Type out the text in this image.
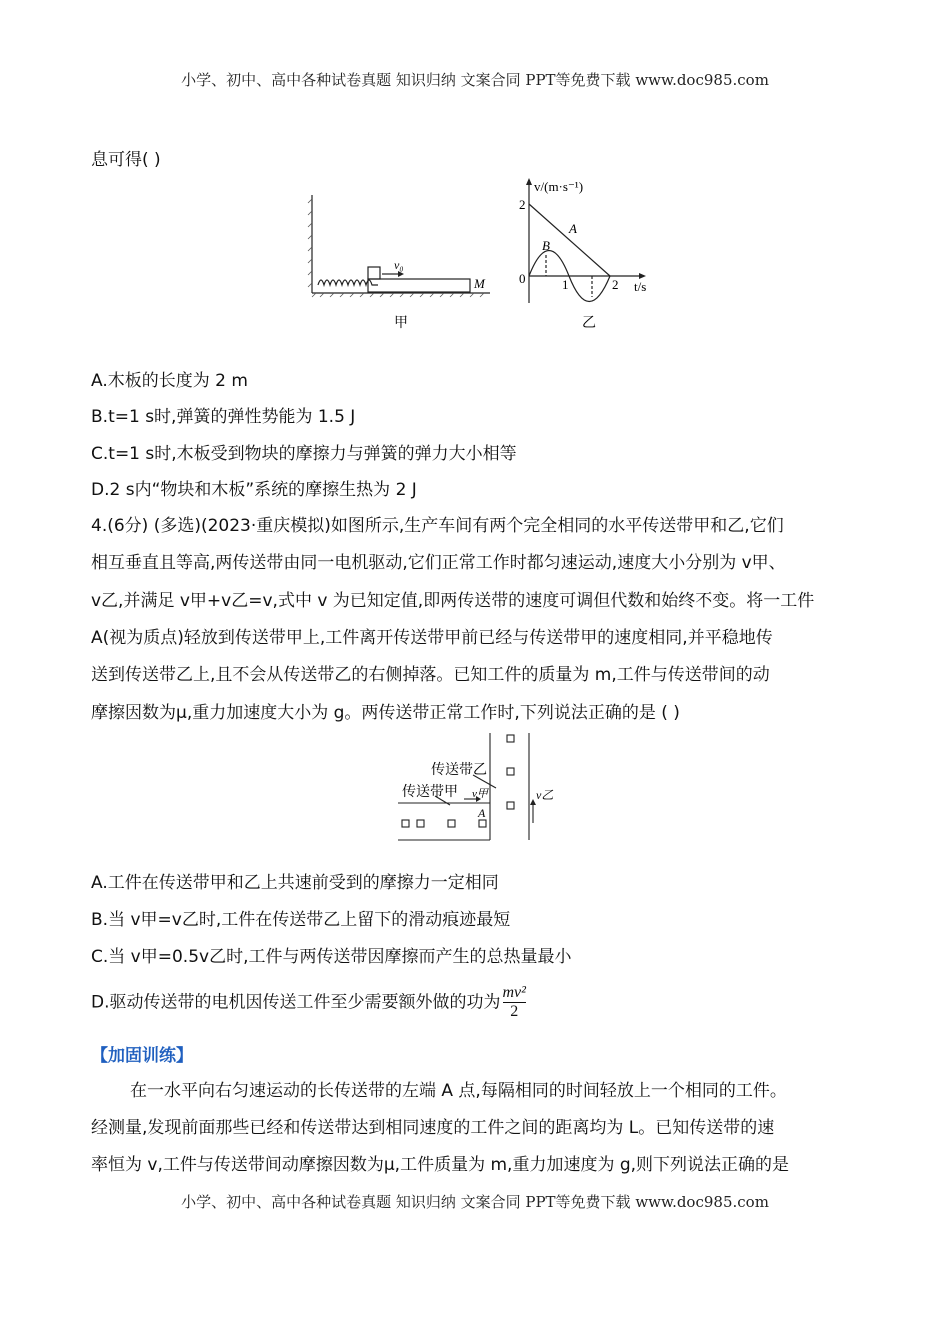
小学、初中、高中各种试卷真题 知识归纳 文案合同 PPT等免费下载 www.doc985.com
息可得( )
v₀
M
v/(m·s⁻¹)
2
0	1	2 t/s
A
B
甲	乙
A.木板的长度为 2 m
B.t=1 s时,弹簧的弹性势能为 1.5 J
C.t=1 s时,木板受到物块的摩擦力与弹簧的弹力大小相等
D.2 s内“物块和木板”系统的摩擦生热为 2 J
4.(6分) (多选)(2023·重庆模拟)如图所示,生产车间有两个完全相同的水平传送带甲和乙,它们
相互垂直且等高,两传送带由同一电机驱动,它们正常工作时都匀速运动,速度大小分别为 v甲、
v乙,并满足 v甲+v乙=v,式中 v 为已知定值,即两传送带的速度可调但代数和始终不变。将一工件
A(视为质点)轻放到传送带甲上,工件离开传送带甲前已经与传送带甲的速度相同,并平稳地传
送到传送带乙上,且不会从传送带乙的右侧掉落。已知工件的质量为 m,工件与传送带间的动
摩擦因数为μ,重力加速度大小为 g。两传送带正常工作时,下列说法正确的是 ( )
传送带乙
传送带甲 v甲	v乙
A
A.工件在传送带甲和乙上共速前受到的摩擦力一定相同
B.当 v甲=v乙时,工件在传送带乙上留下的滑动痕迹最短
C.当 v甲=0.5v乙时,工件与两传送带因摩擦而产生的总热量最小
D.驱动传送带的电机因传送工件至少需要额外做的功为 $\frac{\text{mv²}}{2}$
【加固训练】
在一水平向右匀速运动的长传送带的左端 A 点,每隔相同的时间轻放上一个相同的工件。
经测量,发现前面那些已经和传送带达到相同速度的工件之间的距离均为 L。已知传送带的速
率恒为 v,工件与传送带间动摩擦因数为μ,工件质量为 m,重力加速度为 g,则下列说法正确的是
小学、初中、高中各种试卷真题 知识归纳 文案合同 PPT等免费下载 www.doc985.com
